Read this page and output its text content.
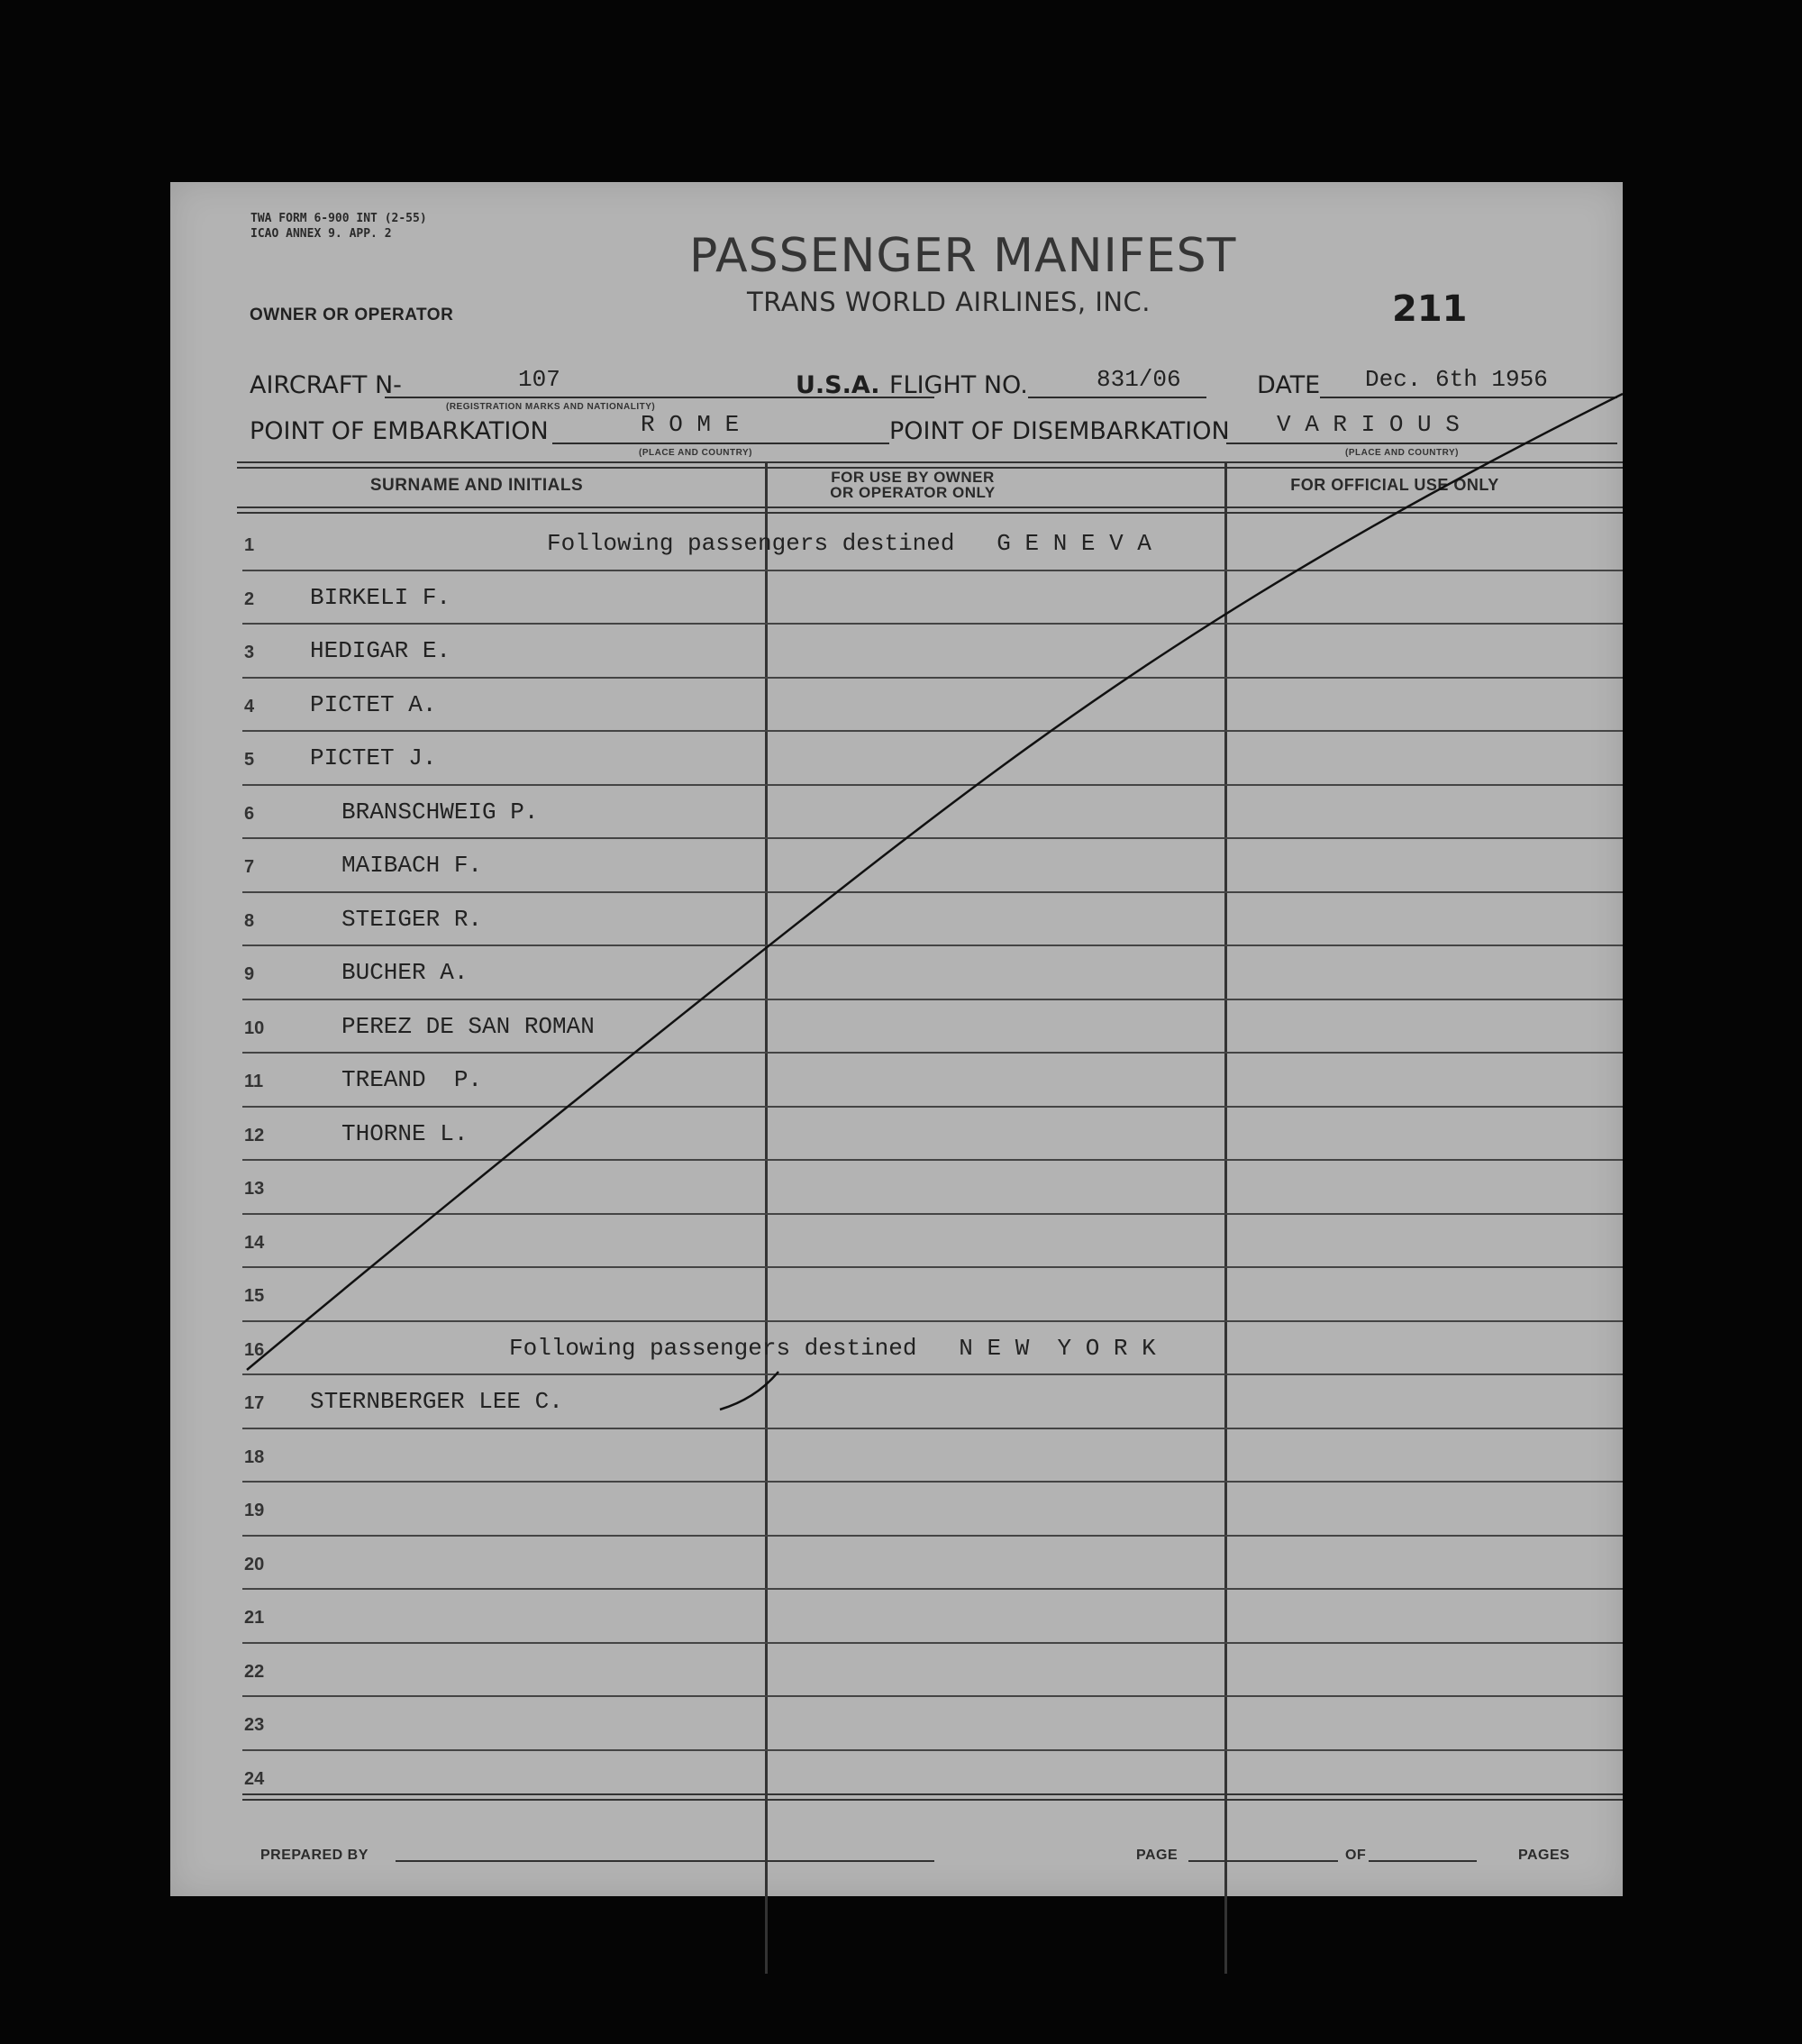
TWA FORM 6-900 INT (2-55)
ICAO ANNEX 9. APP. 2
OWNER OR OPERATOR
PASSENGER MANIFEST
TRANS WORLD AIRLINES, INC.	211
AIRCRAFT N-	107
(REGISTRATION MARKS AND NATIONALITY)
U.S.A. FLIGHT NO.	831/06	DATE Dec. 6th 1956
POINT OF EMBARKATION	R O M E
(PLACE AND COUNTRY)
POINT OF DISEMBARKATION V A R I O U S
(PLACE AND COUNTRY)
SURNAME AND INITIALS	FOR USE BY OWNER
OR OPERATOR ONLY	FOR OFFICIAL USE ONLY
1	Following passengers destined   G E N E V A
2	BIRKELI F.
3	HEDIGAR E.
4	PICTET A.
5	PICTET J.
6	BRANSCHWEIG P.
7	MAIBACH F.
8	STEIGER R.
9	BUCHER A.
10	PEREZ DE SAN ROMAN
11	TREAND  P.
12	THORNE L.
13
14
15
16	Following passengers destined   N E W  Y O R K
17	STERNBERGER LEE C.
18
19
20
21
22
23
24
PREPARED BY	PAGE	OF	PAGES
